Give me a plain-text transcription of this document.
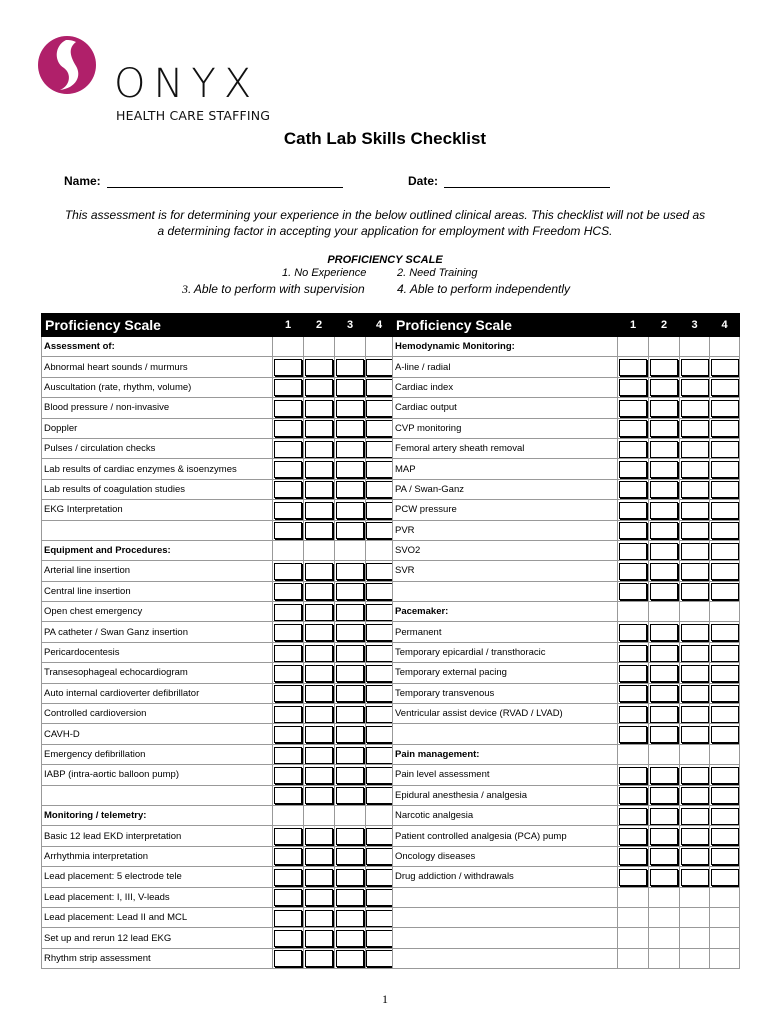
ONYX
HEALTH CARE STAFFING
Cath Lab Skills Checklist
Name:	Date:
This assessment is for determining your experience in the below outlined clinical areas. This checklist will not be used as
a determining factor in accepting your application for employment with Freedom HCS.
PROFICIENCY SCALE
1. No Experience	2. Need Training
3. Able to perform with supervision	4. Able to perform independently
Proficiency Scale	1	2	3	4	Proficiency Scale	1	2	3	4
Assessment of:					Hemodynamic Monitoring:				
Abnormal heart sounds / murmurs					A-line / radial				
Auscultation (rate, rhythm, volume)					Cardiac index				
Blood pressure / non-invasive					Cardiac output				
Doppler					CVP monitoring				
Pulses / circulation checks					Femoral artery sheath removal				
Lab results of cardiac enzymes & isoenzymes					MAP				
Lab results of coagulation studies					PA / Swan-Ganz				
EKG Interpretation					PCW pressure				
					PVR				
Equipment and Procedures:					SVO2				
Arterial line insertion					SVR				
Central line insertion									
Open chest emergency					Pacemaker:				
PA catheter / Swan Ganz insertion					Permanent				
Pericardocentesis					Temporary epicardial / transthoracic				
Transesophageal echocardiogram					Temporary external pacing				
Auto internal cardioverter defibrillator					Temporary transvenous				
Controlled cardioversion					Ventricular assist device (RVAD / LVAD)				
CAVH-D									
Emergency defibrillation					Pain management:				
IABP (intra-aortic balloon pump)					Pain level assessment				
					Epidural anesthesia / analgesia				
Monitoring / telemetry:					Narcotic analgesia				
Basic 12 lead EKD interpretation					Patient controlled analgesia (PCA) pump				
Arrhythmia interpretation					Oncology diseases				
Lead placement: 5 electrode tele					Drug addiction / withdrawals				
Lead placement: I, III, V-leads									
Lead placement: Lead II and MCL									
Set up and rerun 12 lead EKG									
Rhythm strip assessment									
1
